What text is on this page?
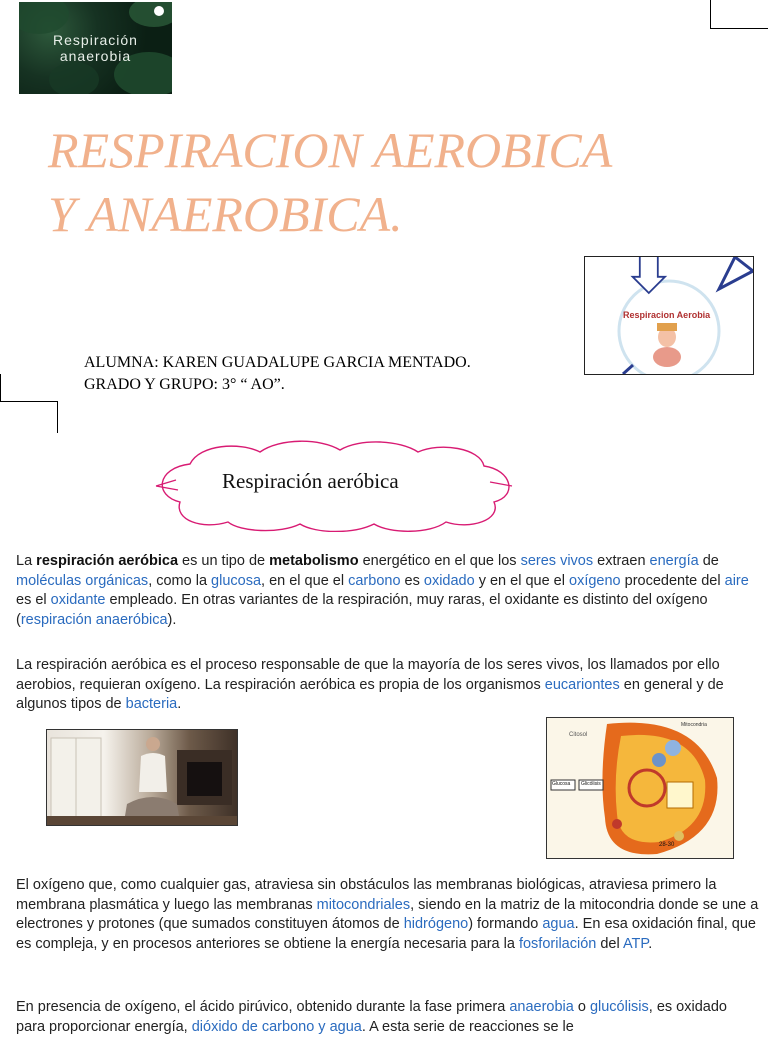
Respiración
anaerobia
RESPIRACION AEROBICA
Y ANAEROBICA.
Respiracion Aerobia
ALUMNA: KAREN GUADALUPE GARCIA MENTADO.
GRADO Y GRUPO: 3° “ AO”.
Respiración aeróbica

La respiración aeróbica es un tipo de metabolismo energético en el que los seres vivos extraen energía de moléculas orgánicas, como la glucosa, en el que el carbono es oxidado y en el que el oxígeno procedente del aire es el oxidante empleado. En otras variantes de la respiración, muy raras, el oxidante es distinto del oxígeno (respiración anaeróbica).

La respiración aeróbica es el proceso responsable de que la mayoría de los seres vivos, los llamados por ello aerobios, requieran oxígeno. La respiración aeróbica es propia de los organismos eucariontes en general y de algunos tipos de bacteria.

Citosol
Mitocondria
Glucosa Glicólisis
28-30

El oxígeno que, como cualquier gas, atraviesa sin obstáculos las membranas biológicas, atraviesa primero la membrana plasmática y luego las membranas mitocondriales, siendo en la matriz de la mitocondria donde se une a electrones y protones (que sumados constituyen átomos de hidrógeno) formando agua. En esa oxidación final, que es compleja, y en procesos anteriores se obtiene la energía necesaria para la fosforilación del ATP.

En presencia de oxígeno, el ácido pirúvico, obtenido durante la fase primera anaerobia o glucólisis, es oxidado para proporcionar energía, dióxido de carbono y agua. A esta serie de reacciones se le
